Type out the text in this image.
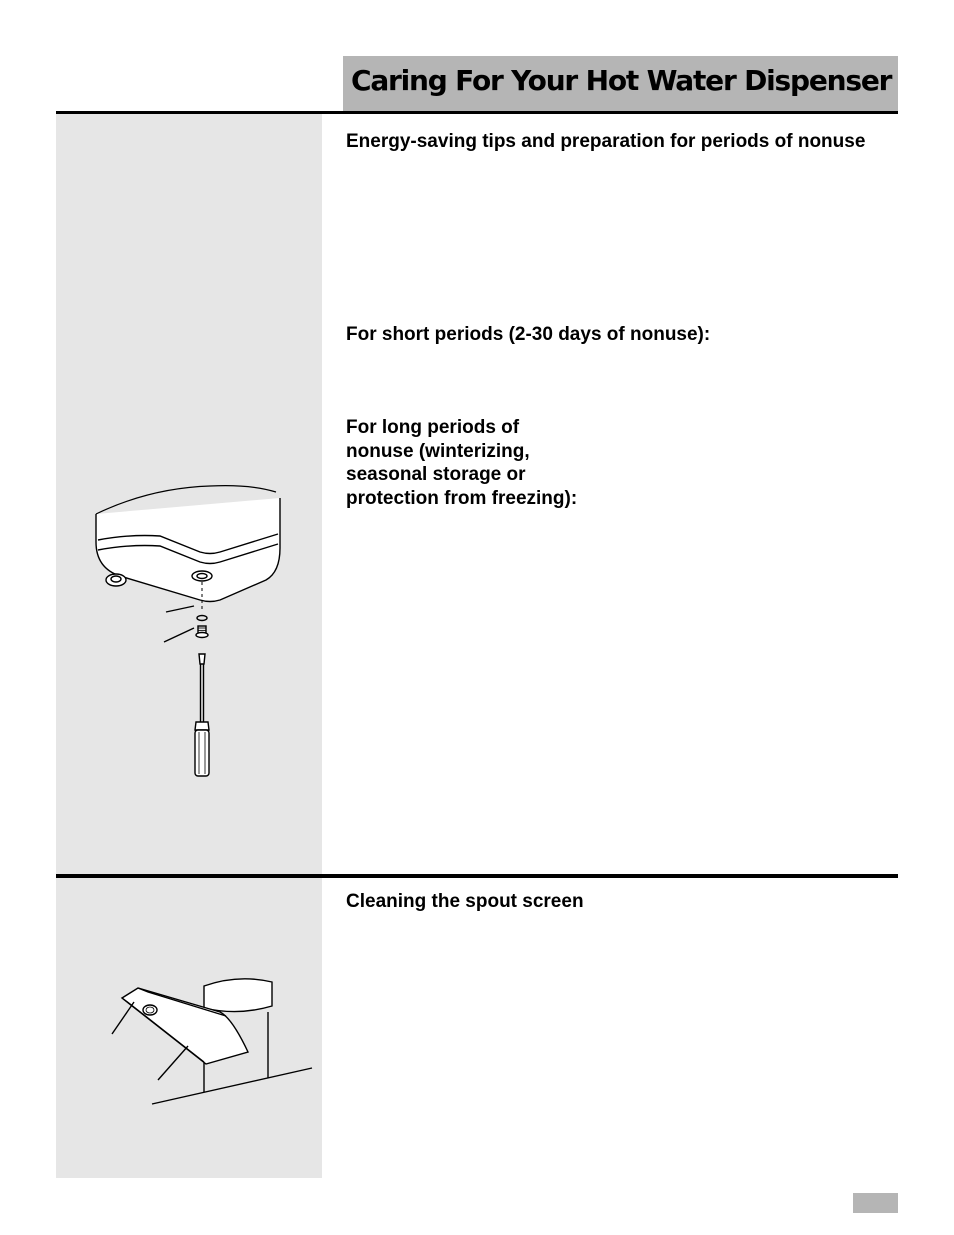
Caring For Your Hot Water Dispenser

Energy-saving tips and preparation for periods of nonuse

For short periods (2-30 days of nonuse):

For long periods of nonuse (winterizing, seasonal storage or protection from freezing):

Cleaning the spout screen
